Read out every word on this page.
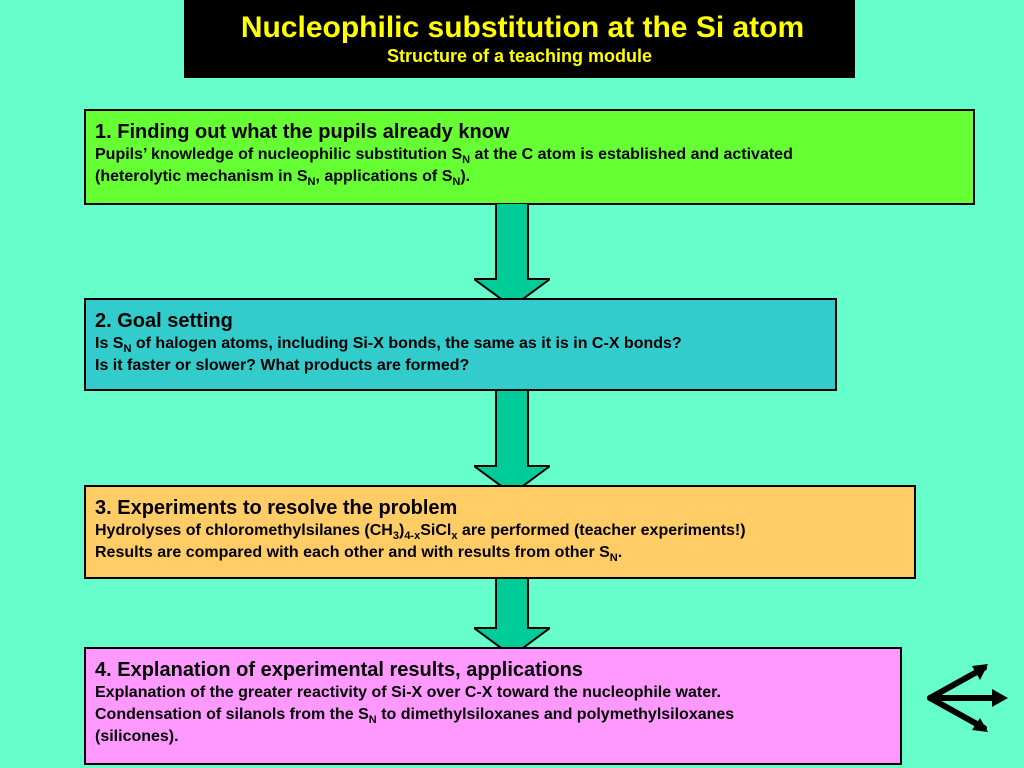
Nucleophilic substitution at the Si atom
Structure of a teaching module
1. Finding out what the pupils already know
Pupils’ knowledge of nucleophilic substitution $S_N$ at the C atom is established and activated
(heterolytic mechanism in $S_N$, applications of $S_N$).
2. Goal setting
Is $S_N$ of halogen atoms, including Si-X bonds, the same as it is in C-X bonds?
Is it faster or slower? What products are formed?
3. Experiments to resolve the problem
Hydrolyses of chloromethylsilanes $(CH_3)_{4-x}SiCl_x$ are performed (teacher experiments!)
Results are compared with each other and with results from other $S_N$.
4. Explanation of experimental results, applications
Explanation of the greater reactivity of Si-X over C-X toward the nucleophile water.
Condensation of silanols from the $S_N$ to dimethylsiloxanes and polymethylsiloxanes
(silicones).
